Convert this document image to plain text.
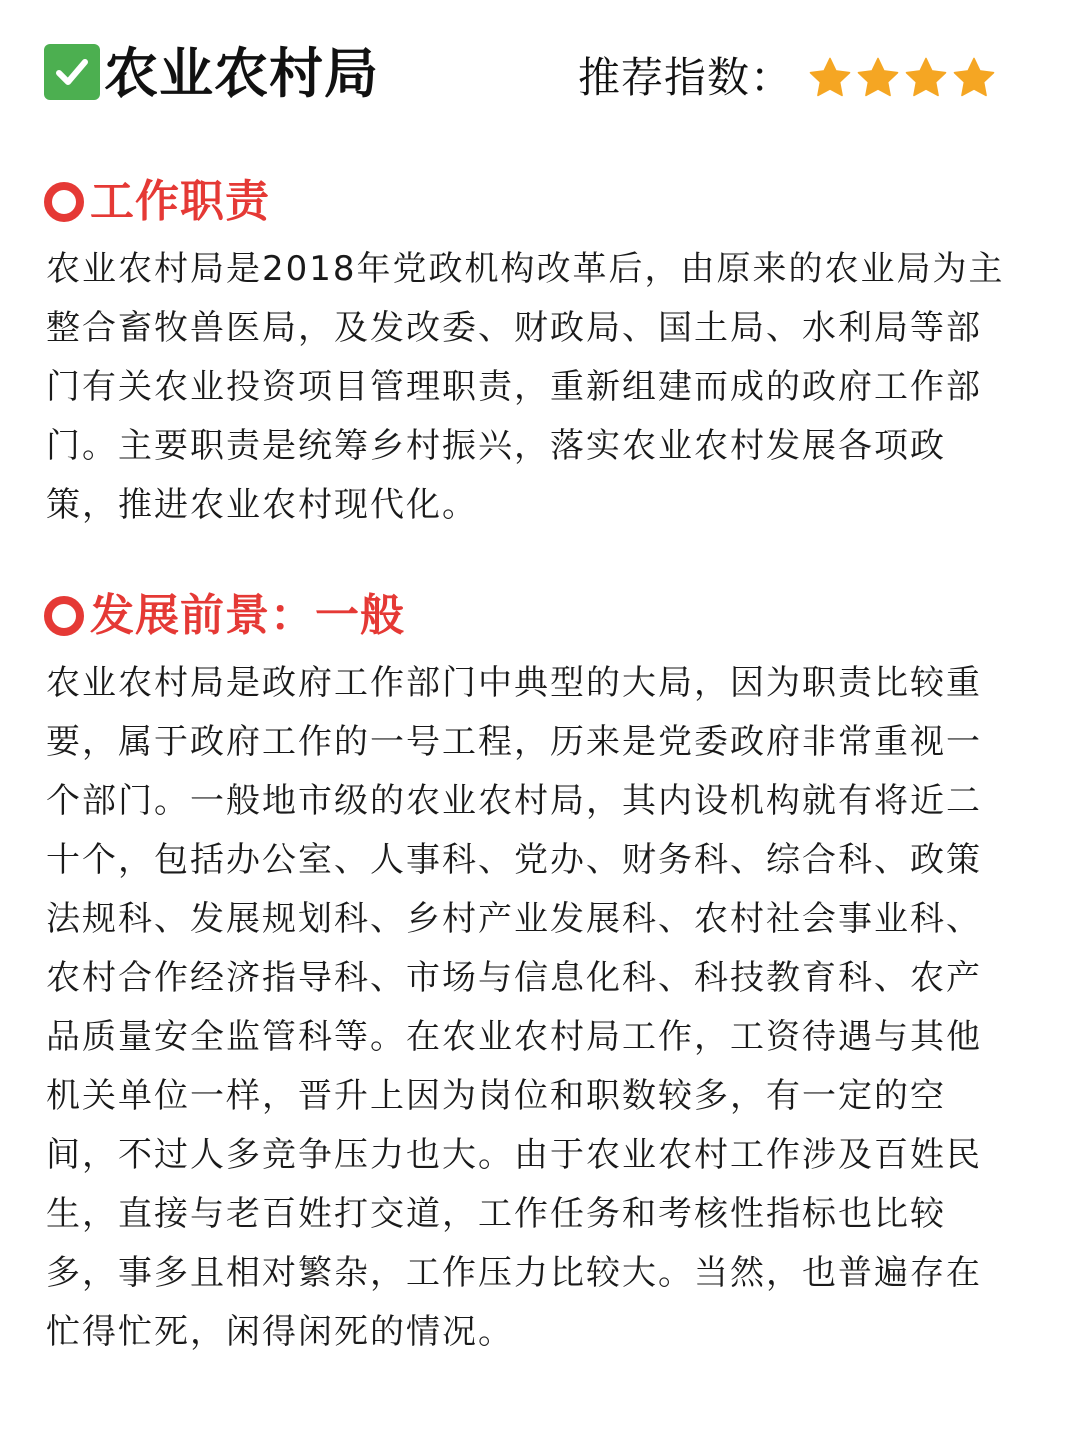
农业农村局	推荐指数：
工作职责

农业农村局是2018年党政机构改革后，由原来的农业局为主
整合畜牧兽医局，及发改委、财政局、国土局、水利局等部
门有关农业投资项目管理职责，重新组建而成的政府工作部
门。主要职责是统筹乡村振兴，落实农业农村发展各项政
策，推进农业农村现代化。

发展前景：一般

农业农村局是政府工作部门中典型的大局，因为职责比较重
要，属于政府工作的一号工程，历来是党委政府非常重视一
个部门。一般地市级的农业农村局，其内设机构就有将近二
十个，包括办公室、人事科、党办、财务科、综合科、政策
法规科、发展规划科、乡村产业发展科、农村社会事业科、
农村合作经济指导科、市场与信息化科、科技教育科、农产
品质量安全监管科等。在农业农村局工作，工资待遇与其他
机关单位一样，晋升上因为岗位和职数较多，有一定的空
间，不过人多竞争压力也大。由于农业农村工作涉及百姓民
生，直接与老百姓打交道，工作任务和考核性指标也比较
多，事多且相对繁杂，工作压力比较大。当然，也普遍存在
忙得忙死，闲得闲死的情况。
